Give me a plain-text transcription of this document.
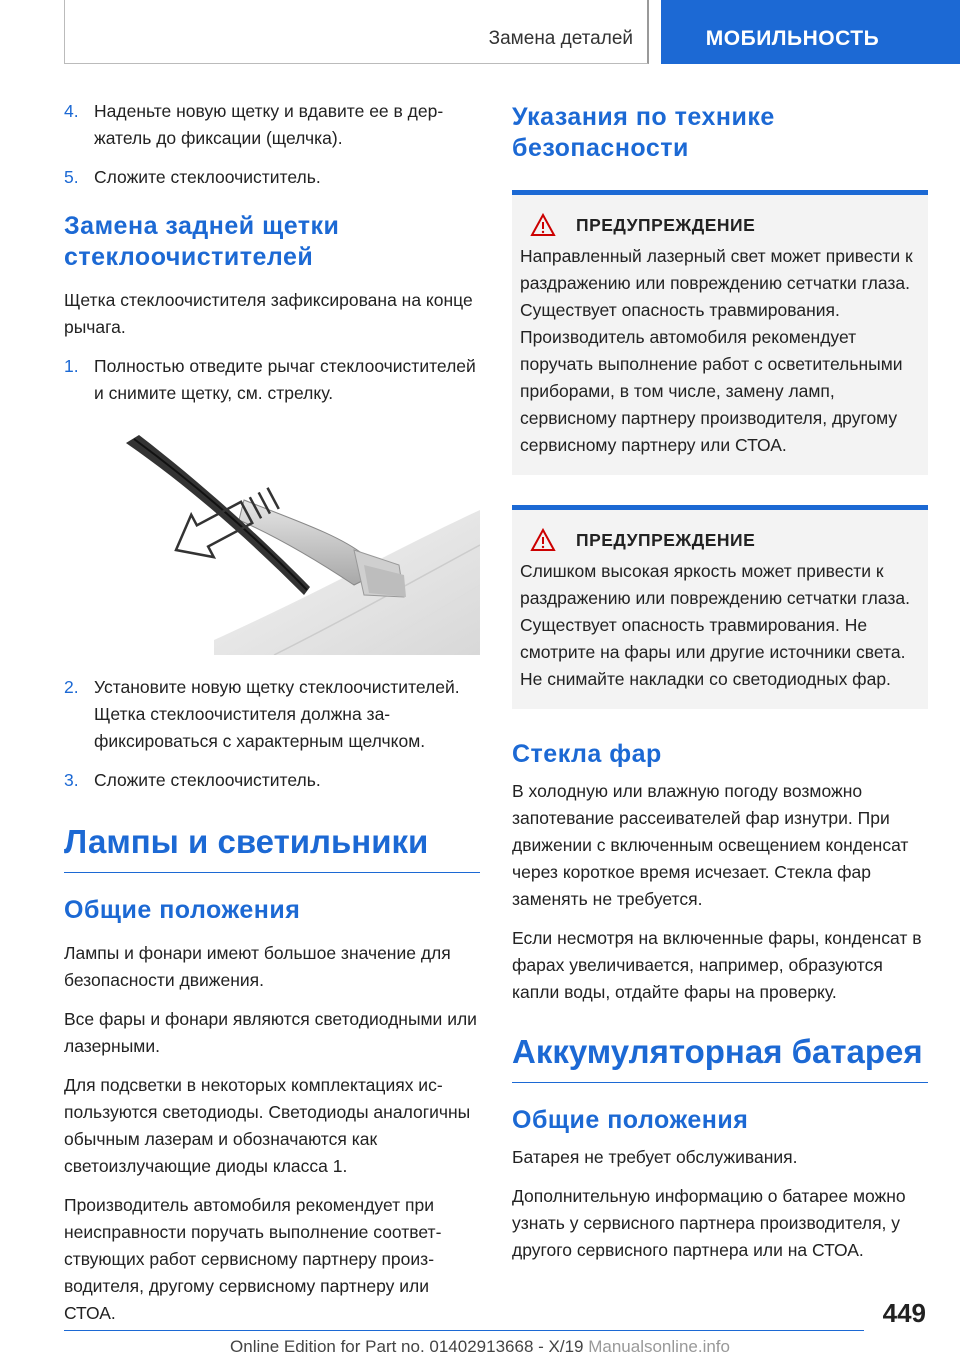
Замена деталей	МОБИЛЬНОСТЬ
4. Наденьте новую щетку и вдавите ее в держатель до фиксации (щелчка).
5. Сложите стеклоочиститель.
Замена задней щетки стеклоочистителей

Щетка стеклоочистителя зафиксирована на конце рычага.

1. Полностью отведите рычаг стеклоочистителей и снимите щетку, см. стрелку.
2. Установите новую щетку стеклоочистителей. Щетка стеклоочистителя должна зафиксироваться с характерным щелчком.
3. Сложите стеклоочиститель.
Лампы и светильники
Общие положения

Лампы и фонари имеют большое значение для безопасности движения.

Все фары и фонари являются светодиодными или лазерными.

Для подсветки в некоторых комплектациях используются светодиоды. Светодиоды аналогичны обычным лазерам и обозначаются как светоизлучающие диоды класса 1.

Производитель автомобиля рекомендует при неисправности поручать выполнение соответствующих работ сервисному партнеру производителя, другому сервисному партнеру или СТОА.

Указания по технике безопасности
ПРЕДУПРЕЖДЕНИЕ

Направленный лазерный свет может привести к раздражению или повреждению сетчатки глаза. Существует опасность травмирования. Производитель автомобиля рекомендует поручать выполнение работ с осветительными приборами, в том числе, замену ламп, сервисному партнеру производителя, другому сервисному партнеру или СТОА.

ПРЕДУПРЕЖДЕНИЕ

Слишком высокая яркость может привести к раздражению или повреждению сетчатки глаза. Существует опасность травмирования. Не смотрите на фары или другие источники света. Не снимайте накладки со светодиодных фар.

Стекла фар

В холодную или влажную погоду возможно запотевание рассеивателей фар изнутри. При движении с включенным освещением конденсат через короткое время исчезает. Стекла фар заменять не требуется.

Если несмотря на включенные фары, конденсат в фарах увеличивается, например, образуются капли воды, отдайте фары на проверку.

Аккумуляторная батарея
Общие положения

Батарея не требует обслуживания.

Дополнительную информацию о батарее можно узнать у сервисного партнера производителя, у другого сервисного партнера или на СТОА.

449
Online Edition for Part no. 01402913668 - X/19 Manualsonline.info
